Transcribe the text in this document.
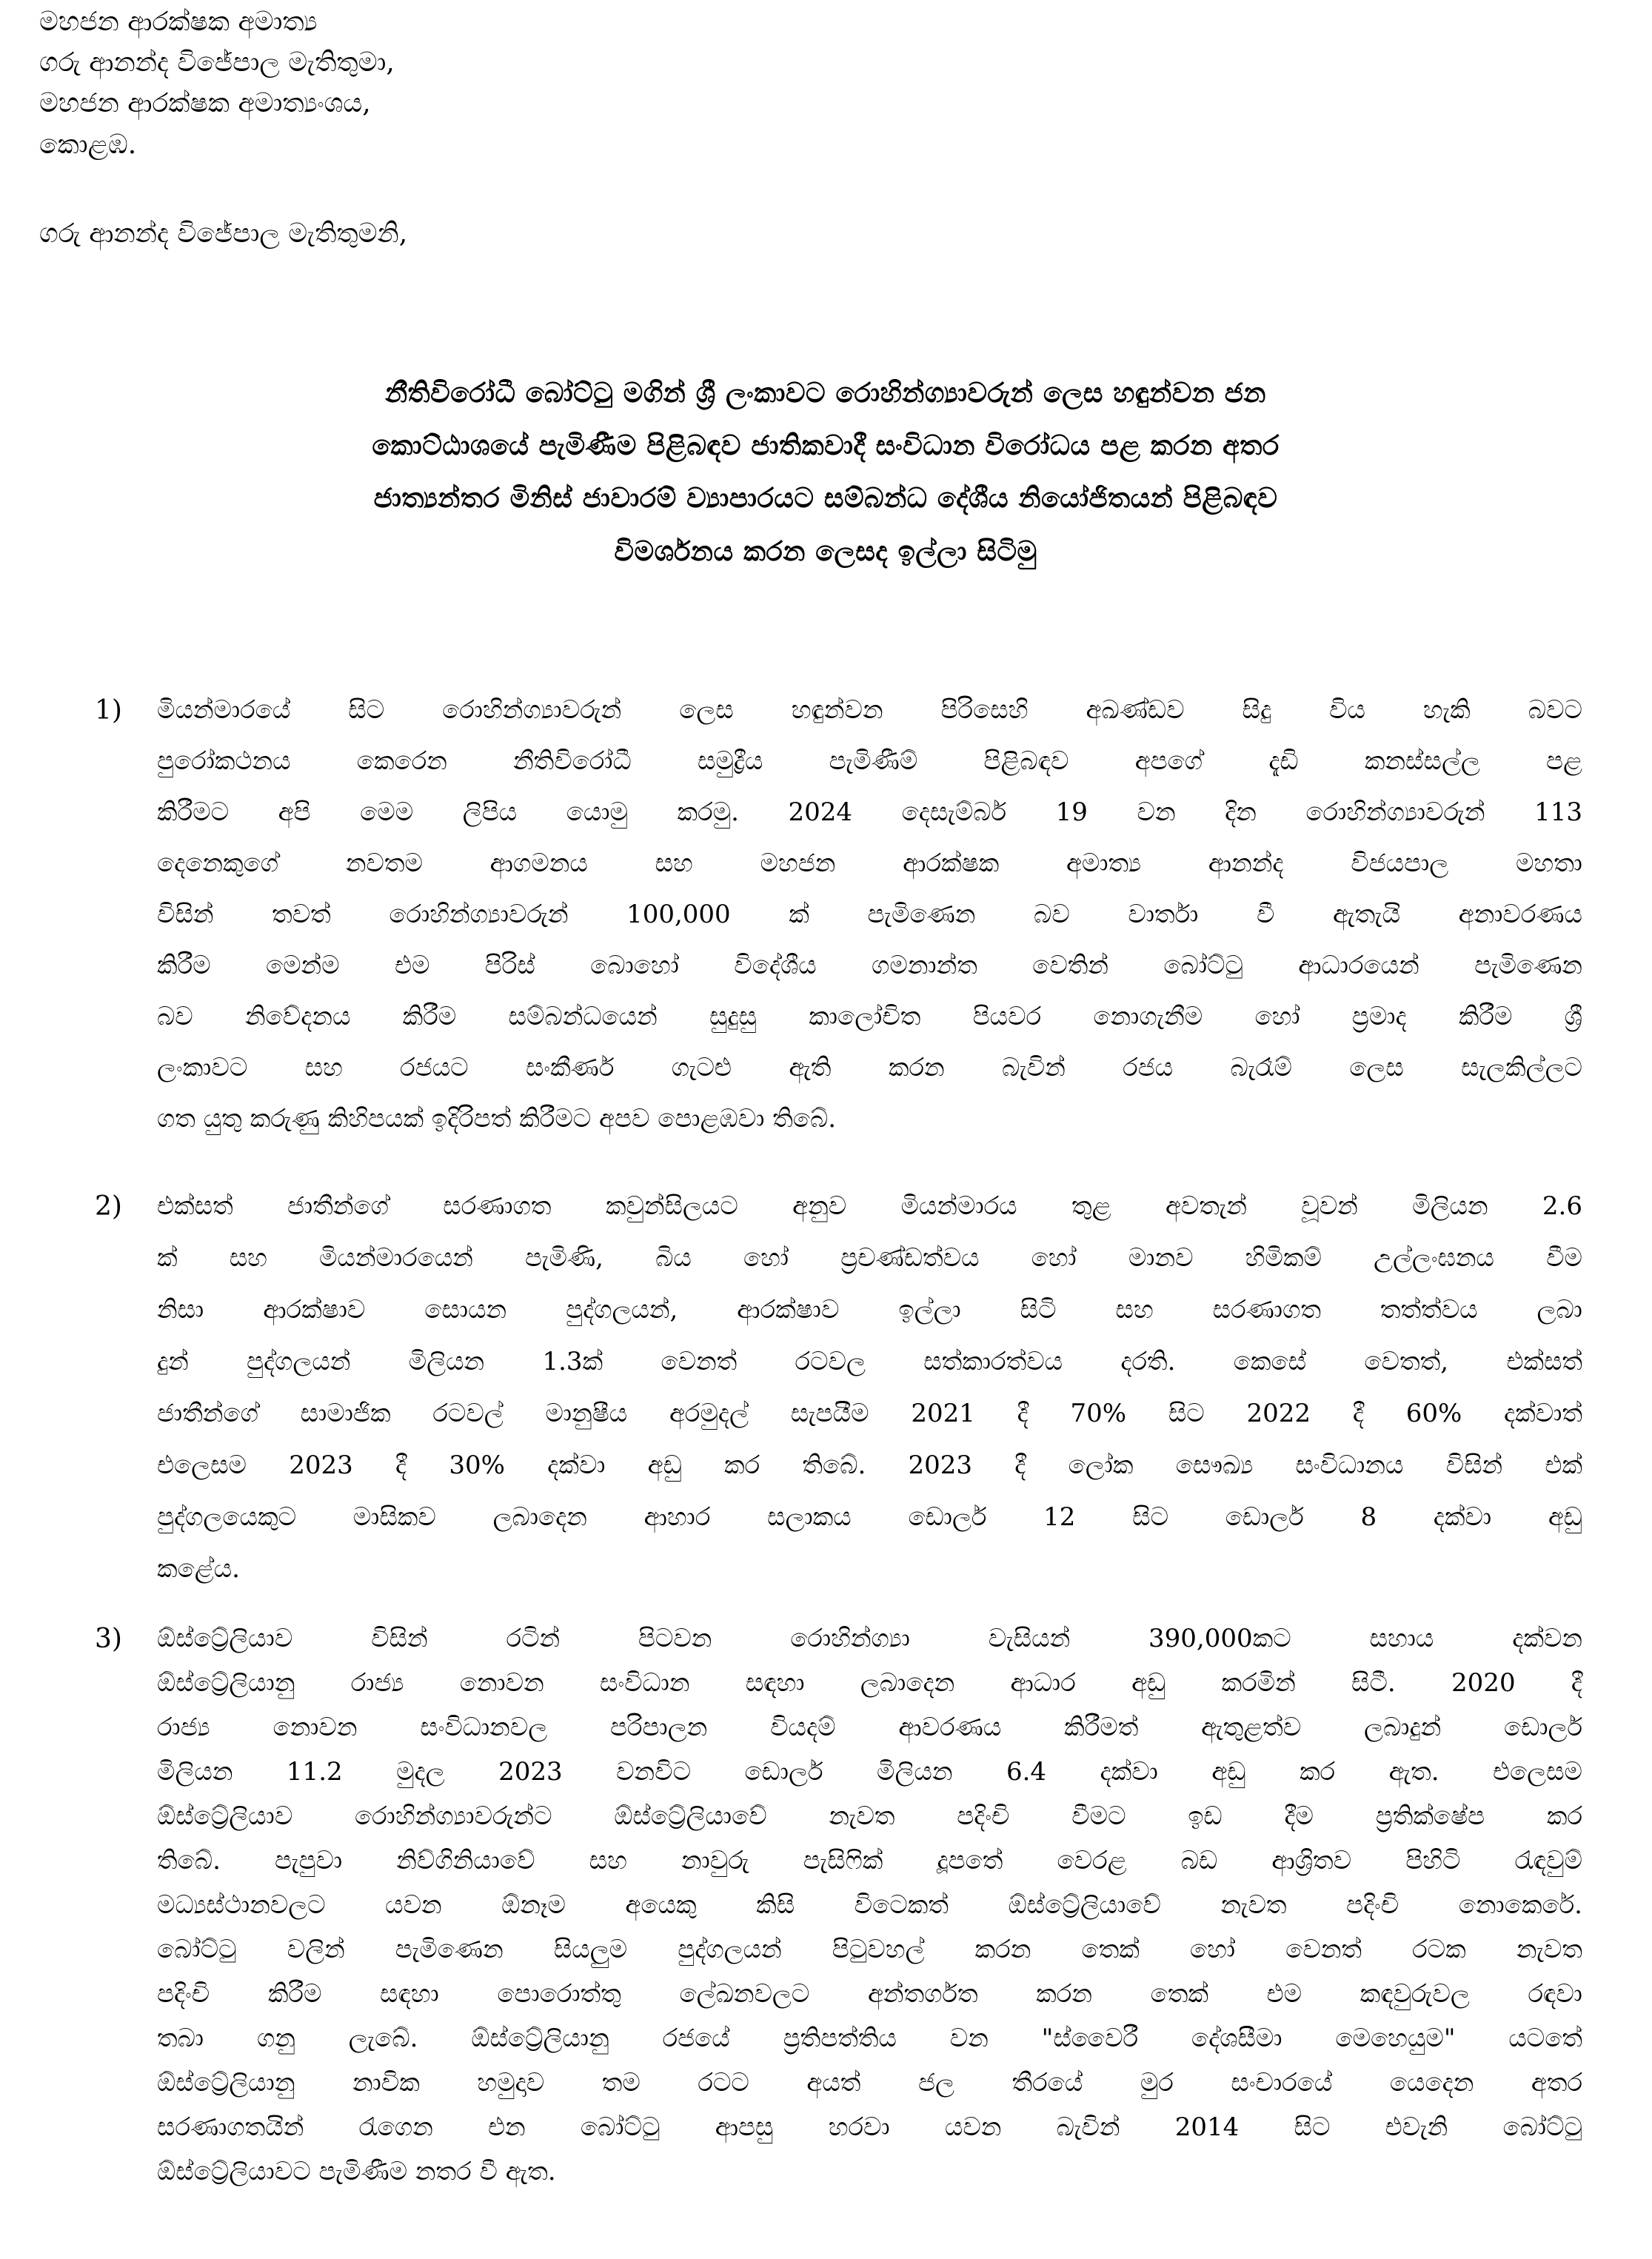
මහජන ආරක්ෂක අමාත්‍ය
ගරු ආනන්ද විජේපාල මැතිතුමා,
මහජන ආරක්ෂක අමාත්‍යංශය,
කොළඹ.
ගරු ආනන්ද විජේපාල මැතිතුමනි,
නීතිවිරෝධී බෝට්ටු මගින් ශ්‍රී ලංකාවට රොහින්ග්‍යාවරුන් ලෙස හඳුන්වන ජන
කොට්ඨාශයේ පැමිණීම පිළිබඳව ජාතිකවාදී සංවිධාන විරෝධය පළ කරන අතර
ජාත්‍යන්තර මිනිස් ජාවාරම් ව්‍යාපාරයට සම්බන්ධ දේශීය නියෝජිතයන් පිළිබඳව
විමර්ශනය කරන ලෙසද ඉල්ලා සිටිමු
1) මියන්මාරයේ සිට රොහින්ග්‍යාවරුන් ලෙස හඳුන්වන පිරිසෙහි අඛණ්ඩව සිදු විය හැකි බවට
පුරෝකථනය කෙරෙන නීතිවිරෝධී සමුද්‍රීය පැමිණීම් පිළිබඳව අපගේ දැඩි කනස්සල්ල පළ
කිරීමට අපි මෙම ලිපිය යොමු කරමු. 2024 දෙසැම්බර් 19 වන දින රොහින්ග්‍යාවරුන් 113
දෙනෙකුගේ නවතම ආගමනය සහ මහජන ආරක්ෂක අමාත්‍ය ආනන්ද විජයපාල මහතා
විසින් තවත් රොහින්ග්‍යාවරුන් 100,000 ක් පැමිණෙන බව වාර්තා වී ඇතැයි අනාවරණය
කිරීම මෙන්ම එම පිරිස් බොහෝ විදේශීය ගමනාන්ත වෙතින් බෝට්ටු ආධාරයෙන් පැමිණෙන
බව නිවේදනය කිරීම සම්බන්ධයෙන් සුදුසු කාලෝචිත පියවර නොගැනීම හෝ ප්‍රමාද කිරීම ශ්‍රී
ලංකාවට සහ රජයට සංකීර්ණ ගැටළු ඇති කරන බැවින් රජය බැරෑම් ලෙස සැලකිල්ලට
ගත යුතු කරුණු කිහිපයක් ඉදිරිපත් කිරීමට අපව පොළඹවා තිබේ.
2) එක්සත් ජාතීන්ගේ සරණාගත කවුන්සිලයට අනුව මියන්මාරය තුළ අවතැන් වූවන් මිලියන 2.6
ක් සහ මියන්මාරයෙන් පැමිණි, බිය හෝ ප්‍රචණ්ඩත්වය හෝ මානව හිමිකම් උල්ලංඝනය වීම
නිසා ආරක්ෂාව සොයන පුද්ගලයන්, ආරක්ෂාව ඉල්ලා සිටි සහ සරණාගත තත්ත්වය ලබා
දුන් පුද්ගලයන් මිලියන 1.3ක් වෙනත් රටවල සත්කාරත්වය දරති. කෙසේ වෙතත්, එක්සත්
ජාතීන්ගේ සාමාජික රටවල් මානුෂීය අරමුදල් සැපයීම 2021 දී 70% සිට 2022 දී 60% දක්වාත්
එලෙසම 2023 දී 30% දක්වා අඩු කර තිබේ. 2023 දී ලෝක සෞඛ්‍ය සංවිධානය විසින් එක්
පුද්ගලයෙකුට මාසිකව ලබාදෙන ආහාර සලාකය ඩොලර් 12 සිට ඩොලර් 8 දක්වා අඩු
කළේය.
3) ඕස්ට්‍රේලියාව විසින් රටින් පිටවන රොහින්ග්‍යා වැසියන් 390,000කට සහාය දක්වන
ඕස්ට්‍රේලියානු රාජ්‍ය නොවන සංවිධාන සඳහා ලබාදෙන ආධාර අඩු කරමින් සිටී. 2020 දී
රාජ්‍ය නොවන සංවිධානවල පරිපාලන වියදම් ආවරණය කිරීමත් ඇතුළත්ව ලබාදුන් ඩොලර්
මිලියන 11.2 මුදල 2023 වනවිට ඩොලර් මිලියන 6.4 දක්වා අඩු කර ඇත. එලෙසම
ඕස්ට්‍රේලියාව රොහින්ග්‍යාවරුන්ට ඕස්ට්‍රේලියාවේ නැවත පදිංචි වීමට ඉඩ දීම ප්‍රතික්ෂේප කර
තිබේ. පැපුවා නිව්ගිනියාවේ සහ නාවුරු පැසිෆික් දූපතේ වෙරළ බඩ ආශ්‍රිතව පිහිටි රැඳවුම්
මධ්‍යස්ථානවලට යවන ඕනෑම අයෙකු කිසි විටෙකත් ඕස්ට්‍රේලියාවේ නැවත පදිංචි නොකෙරේ.
බෝට්ටු වලින් පැමිණෙන සියලුම පුද්ගලයන් පිටුවහල් කරන තෙක් හෝ වෙනත් රටක නැවත
පදිංචි කිරීම සඳහා පොරොත්තු ලේඛනවලට අන්තර්ගත කරන තෙක් එම කඳවුරුවල රඳවා
තබා ගනු ලැබේ. ඕස්ට්‍රේලියානු රජයේ ප්‍රතිපත්තිය වන "ස්වෛරී දේශසීමා මෙහෙයුම" යටතේ
ඕස්ට්‍රේලියානු නාවික හමුදාව තම රටට අයත් ජල තීරයේ මුර සංචාරයේ යෙදෙන අතර
සරණාගතයින් රැගෙන එන බෝට්ටු ආපසු හරවා යවන බැවින් 2014 සිට එවැනි බෝට්ටු
ඕස්ට්‍රේලියාවට පැමිණීම නතර වී ඇත.
